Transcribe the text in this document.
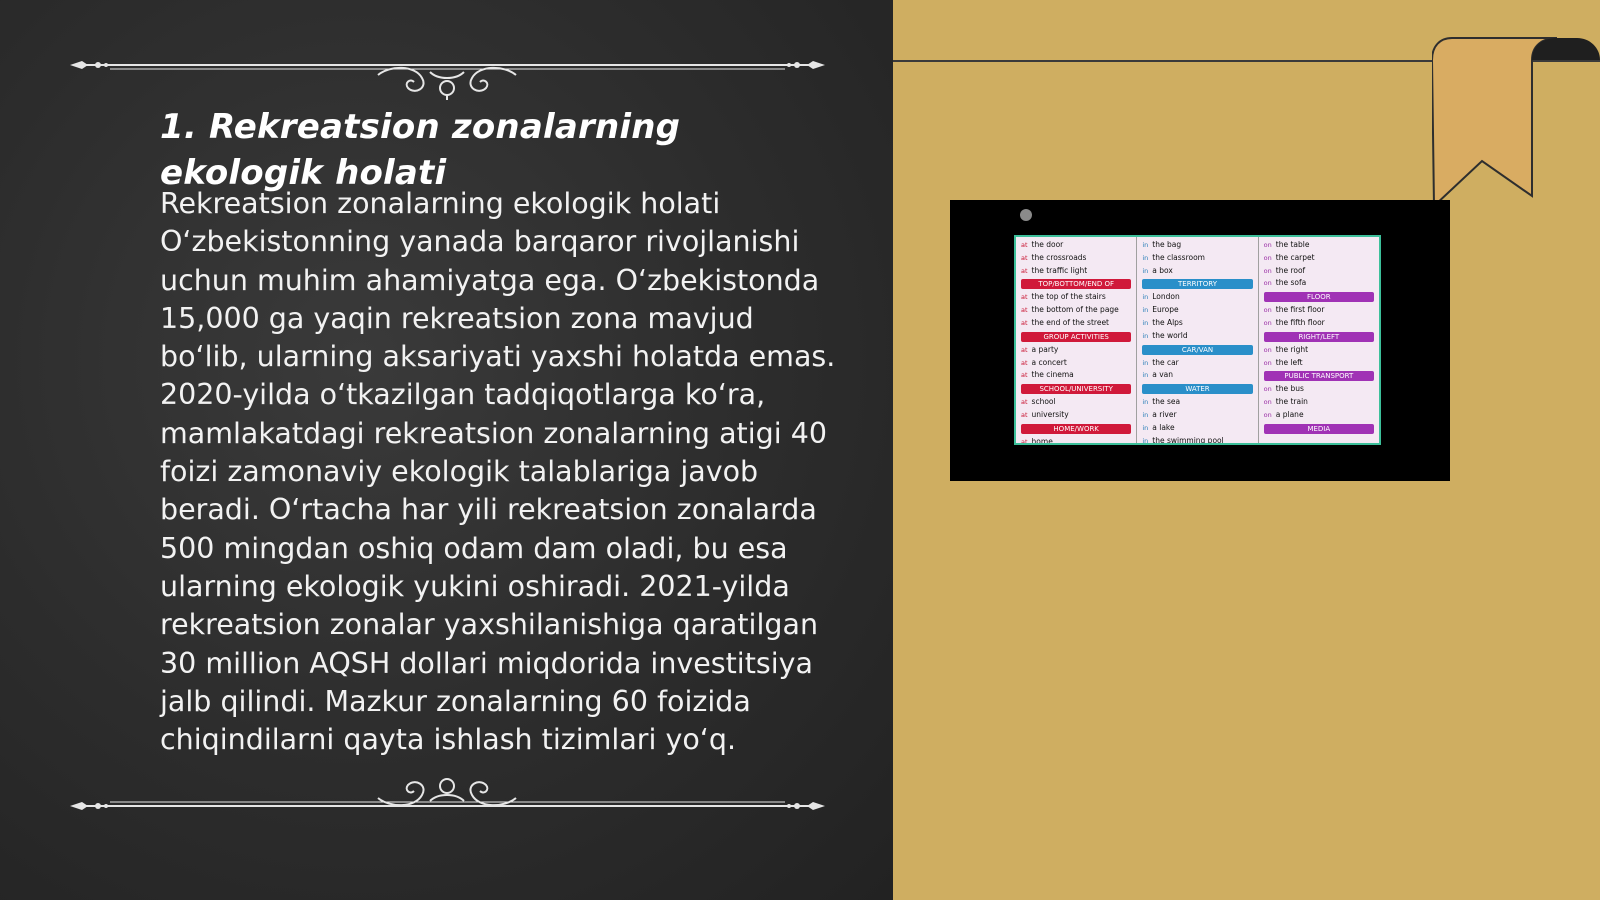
1. Rekreatsion zonalarning ekologik holati

Rekreatsion zonalarning ekologik holati O‘zbekistonning yanada barqaror rivojlanishi uchun muhim ahamiyatga ega. O‘zbekistonda 15,000 ga yaqin rekreatsion zona mavjud bo‘lib, ularning aksariyati yaxshi holatda emas. 2020-yilda o‘tkazilgan tadqiqotlarga ko‘ra, mamlakatdagi rekreatsion zonalarning atigi 40 foizi zamonaviy ekologik talablariga javob beradi. O‘rtacha har yili rekreatsion zonalarda 500 mingdan oshiq odam dam oladi, bu esa ularning ekologik yukini oshiradi. 2021-yilda rekreatsion zonalar yaxshilanishiga qaratilgan 30 million AQSH dollari miqdorida investitsiya jalb qilindi. Mazkur zonalarning 60 foizida chiqindilarni qayta ishlash tizimlari yo‘q.

at the door
at the crossroads
at the traffic light
TOP/BOTTOM/END OF
at the top of the stairs
at the bottom of the page
at the end of the street
GROUP ACTIVITIES
at a party
at a concert
at the cinema
SCHOOL/UNIVERSITY
at school
at university
HOME/WORK
at home
in the bag
in the classroom
in a box
TERRITORY
in London
in Europe
in the Alps
in the world
CAR/VAN
in the car
in a van
WATER
in the sea
in a river
in a lake
in the swimming pool
on the table
on the carpet
on the roof
on the sofa
FLOOR
on the first floor
on the fifth floor
RIGHT/LEFT
on the right
on the left
PUBLIC TRANSPORT
on the bus
on the train
on a plane
MEDIA
